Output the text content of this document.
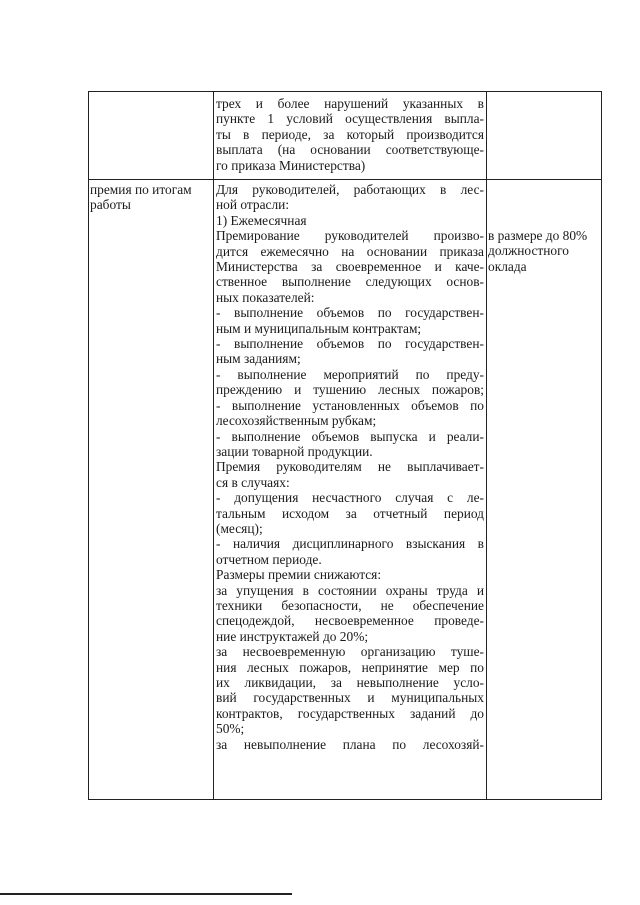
трех и более нарушений указанных в
пункте 1 условий осуществления выпла-
ты в периоде, за который производится
выплата (на основании соответствующе-
го приказа Министерства)

премия по итогам
работы

Для руководителей, работающих в лес-
ной отрасли:
1) Ежемесячная
Премирование руководителей произво-
дится ежемесячно на основании приказа
Министерства за своевременное и каче-
ственное выполнение следующих основ-
ных показателей:
- выполнение объемов по государствен-
ным и муниципальным контрактам;
- выполнение объемов по государствен-
ным заданиям;
- выполнение мероприятий по преду-
преждению и тушению лесных пожаров;
- выполнение установленных объемов по
лесохозяйственным рубкам;
- выполнение объемов выпуска и реали-
зации товарной продукции.
Премия руководителям не выплачивает-
ся в случаях:
- допущения несчастного случая с ле-
тальным исходом за отчетный период
(месяц);
- наличия дисциплинарного взыскания в
отчетном периоде.
Размеры премии снижаются:
за упущения в состоянии охраны труда и
техники безопасности, не обеспечение
спецодеждой, несвоевременное проведе-
ние инструктажей до 20%;
за несвоевременную организацию туше-
ния лесных пожаров, непринятие мер по
их ликвидации, за невыполнение усло-
вий государственных и муниципальных
контрактов, государственных заданий до
50%;
за невыполнение плана по лесохозяй-

в размере до 80%
должностного
оклада
